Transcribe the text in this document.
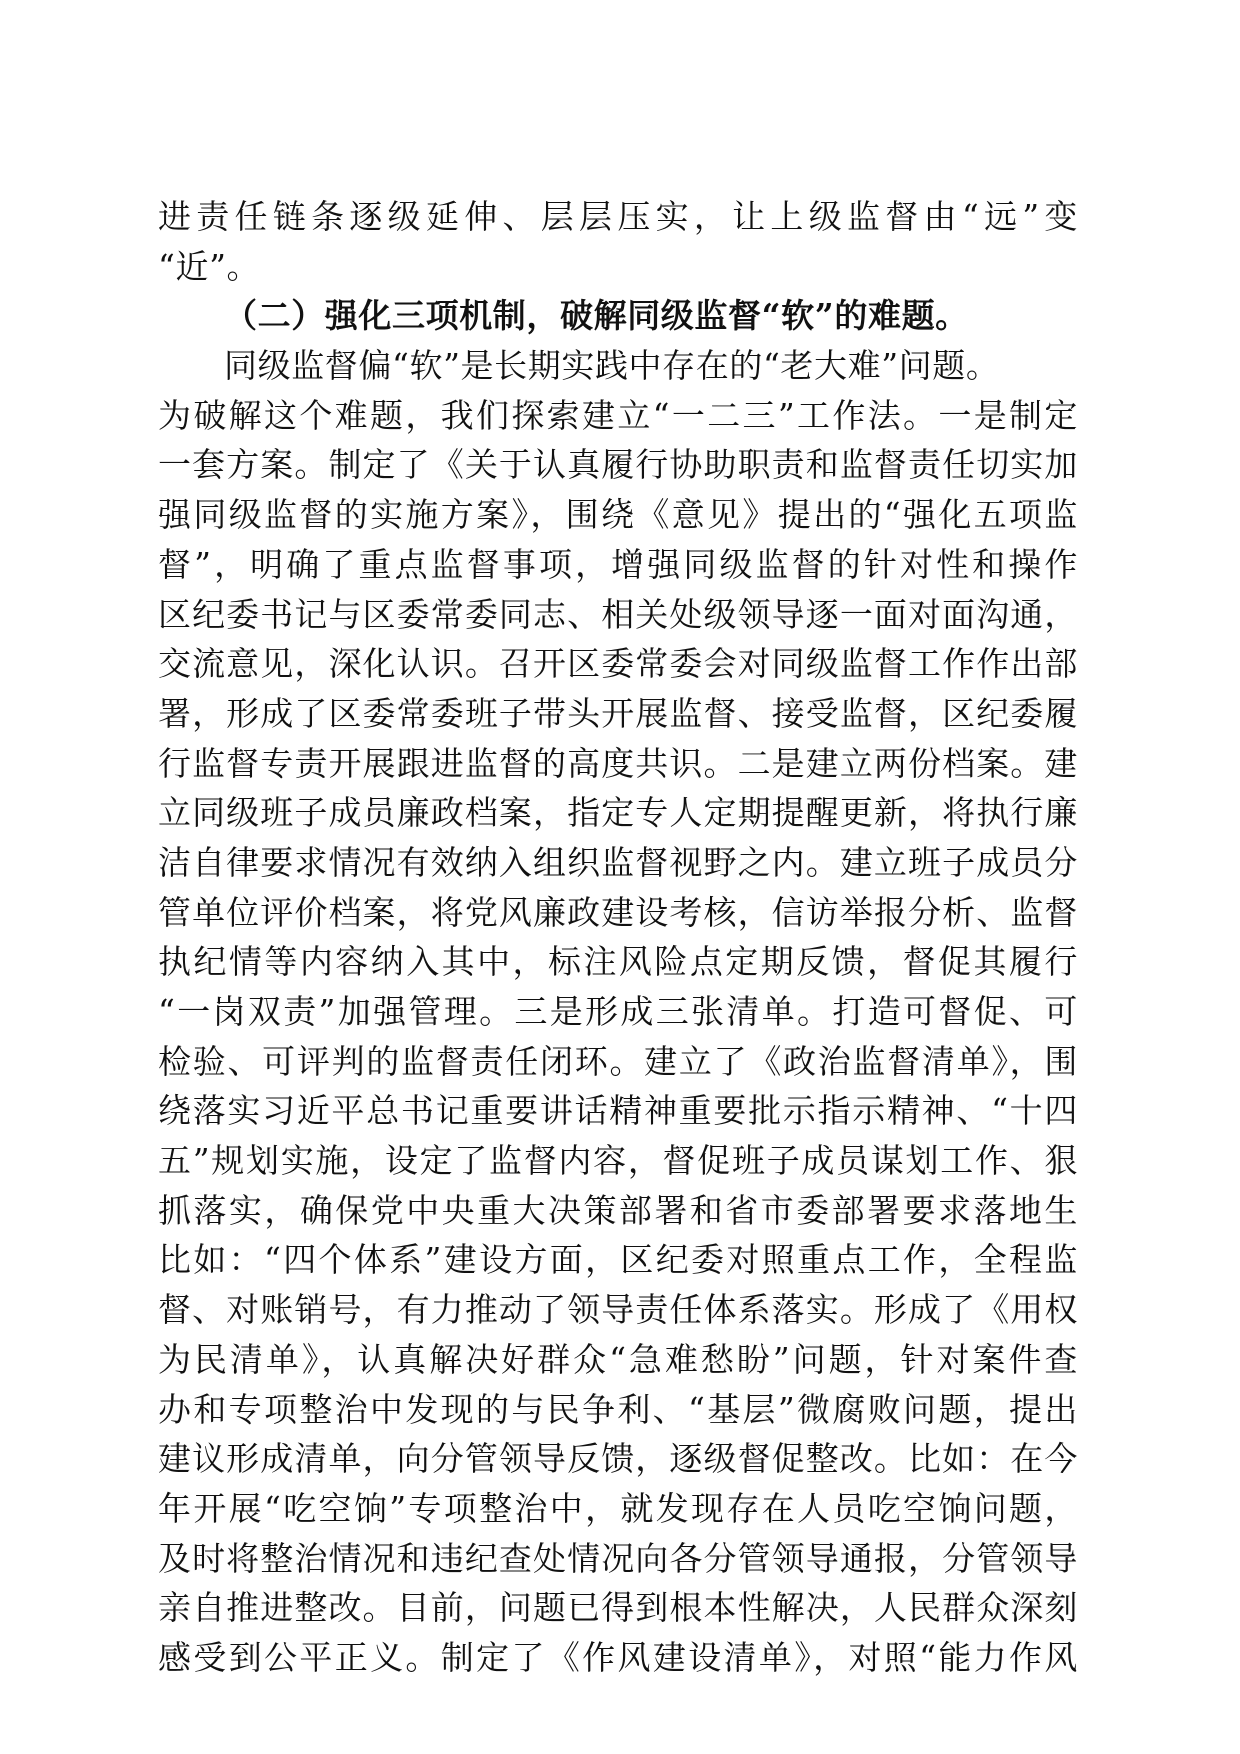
进责任链条逐级延伸、层层压实，让上级监督由“远”变
“近”。
（二）强化三项机制，破解同级监督“软”的难题。
同级监督偏“软”是长期实践中存在的“老大难”问题。
为破解这个难题，我们探索建立“一二三”工作法。一是制定
一套方案。制定了《关于认真履行协助职责和监督责任切实加
强同级监督的实施方案》，围绕《意见》提出的“强化五项监
督”，明确了重点监督事项，增强同级监督的针对性和操作
区纪委书记与区委常委同志、相关处级领导逐一面对面沟通，
交流意见，深化认识。召开区委常委会对同级监督工作作出部
署，形成了区委常委班子带头开展监督、接受监督，区纪委履
行监督专责开展跟进监督的高度共识。二是建立两份档案。建
立同级班子成员廉政档案，指定专人定期提醒更新，将执行廉
洁自律要求情况有效纳入组织监督视野之内。建立班子成员分
管单位评价档案，将党风廉政建设考核，信访举报分析、监督
执纪情等内容纳入其中，标注风险点定期反馈，督促其履行
“一岗双责”加强管理。三是形成三张清单。打造可督促、可
检验、可评判的监督责任闭环。建立了《政治监督清单》，围
绕落实习近平总书记重要讲话精神重要批示指示精神、“十四
五”规划实施，设定了监督内容，督促班子成员谋划工作、狠
抓落实，确保党中央重大决策部署和省市委部署要求落地生
比如：“四个体系”建设方面，区纪委对照重点工作，全程监
督、对账销号，有力推动了领导责任体系落实。形成了《用权
为民清单》，认真解决好群众“急难愁盼”问题，针对案件查
办和专项整治中发现的与民争利、“基层”微腐败问题，提出
建议形成清单，向分管领导反馈，逐级督促整改。比如：在今
年开展“吃空饷”专项整治中，就发现存在人员吃空饷问题，
及时将整治情况和违纪查处情况向各分管领导通报，分管领导
亲自推进整改。目前，问题已得到根本性解决，人民群众深刻
感受到公平正义。制定了《作风建设清单》，对照“能力作风
